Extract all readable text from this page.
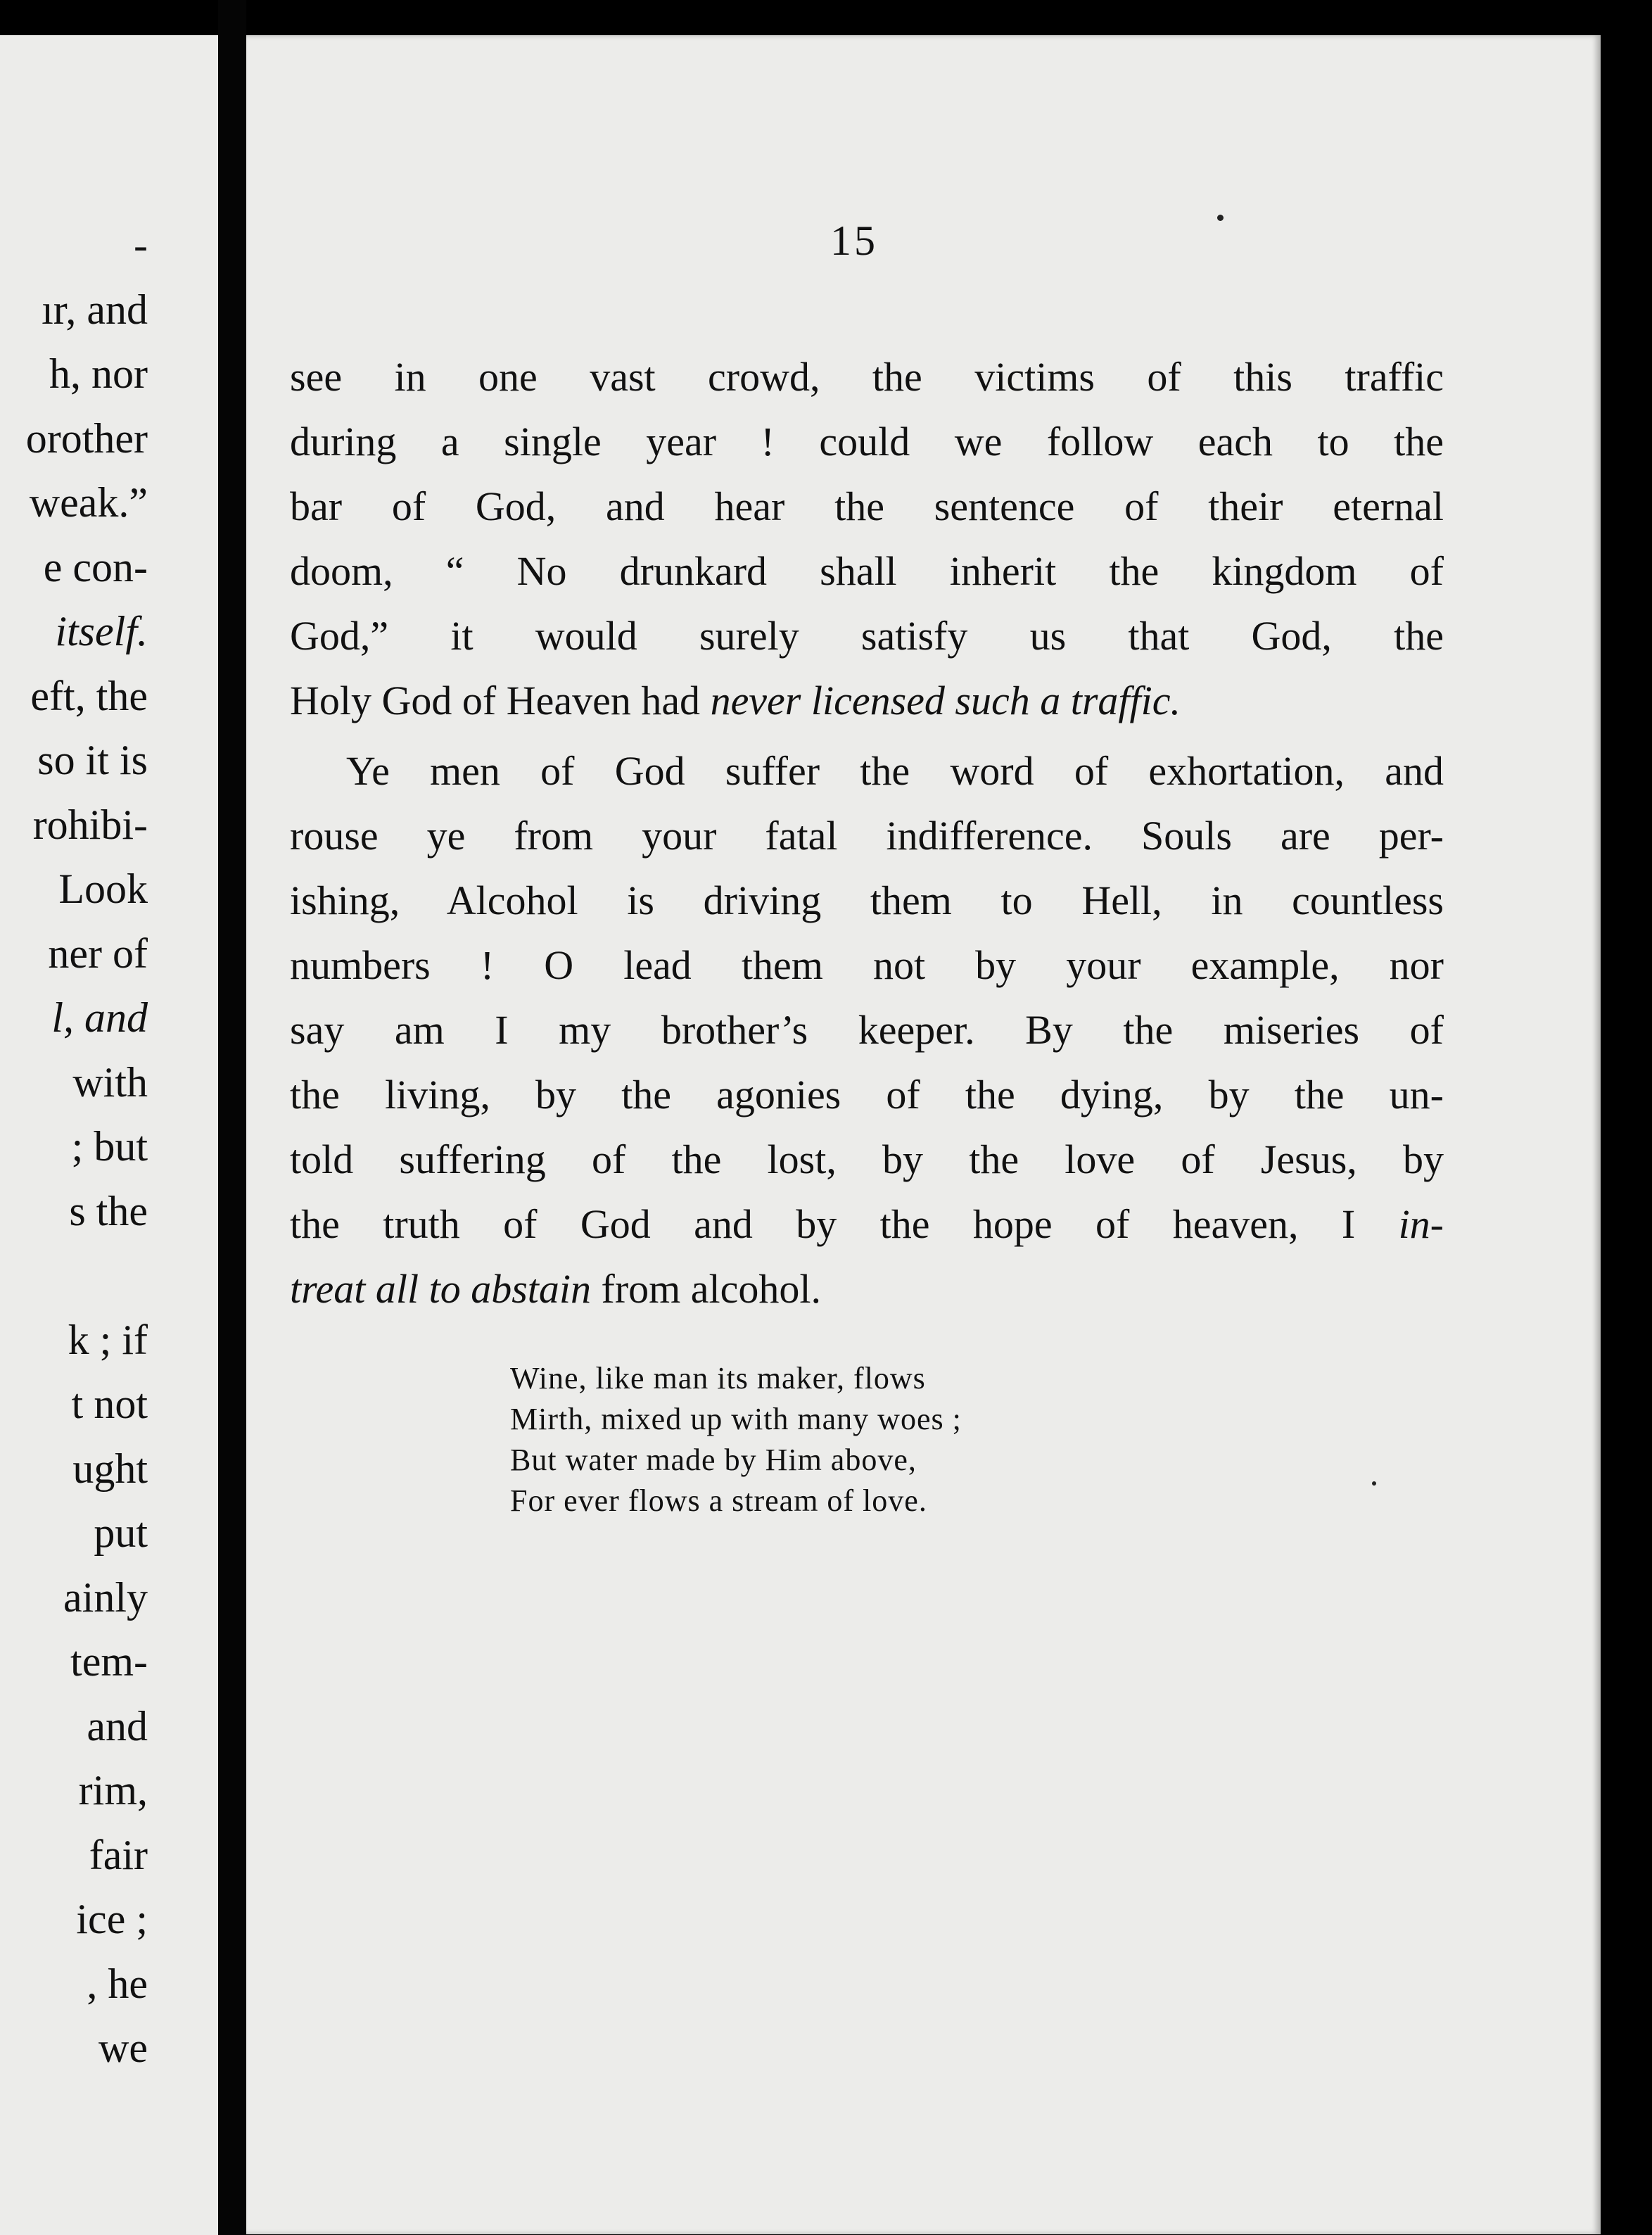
-
ır, and
h, nor
orother
weak.”
e con-
itself.
eft, the
so it is
rohibi-
Look
ner of
l, and
with
; but
s the
k ; if
t not
ught
put
ainly
tem-
and
rim,
fair
ice ;
, he
we
15
see in one vast crowd, the victims of this traffic
during a single year ! could we follow each to the
bar of God, and hear the sentence of their eternal
doom, “ No drunkard shall inherit the kingdom of
God,” it would surely satisfy us that God, the
Holy God of Heaven had never licensed such a traffic.
Ye men of God suffer the word of exhortation, and
rouse ye from your fatal indifference. Souls are per-
ishing, Alcohol is driving them to Hell, in countless
numbers ! O lead them not by your example, nor
say am I my brother’s keeper. By the miseries of
the living, by the agonies of the dying, by the un-
told suffering of the lost, by the love of Jesus, by
the truth of God and by the hope of heaven, I in-
treat all to abstain from alcohol.
Wine, like man its maker, flows
Mirth, mixed up with many woes ;
But water made by Him above,
For ever flows a stream of love.
